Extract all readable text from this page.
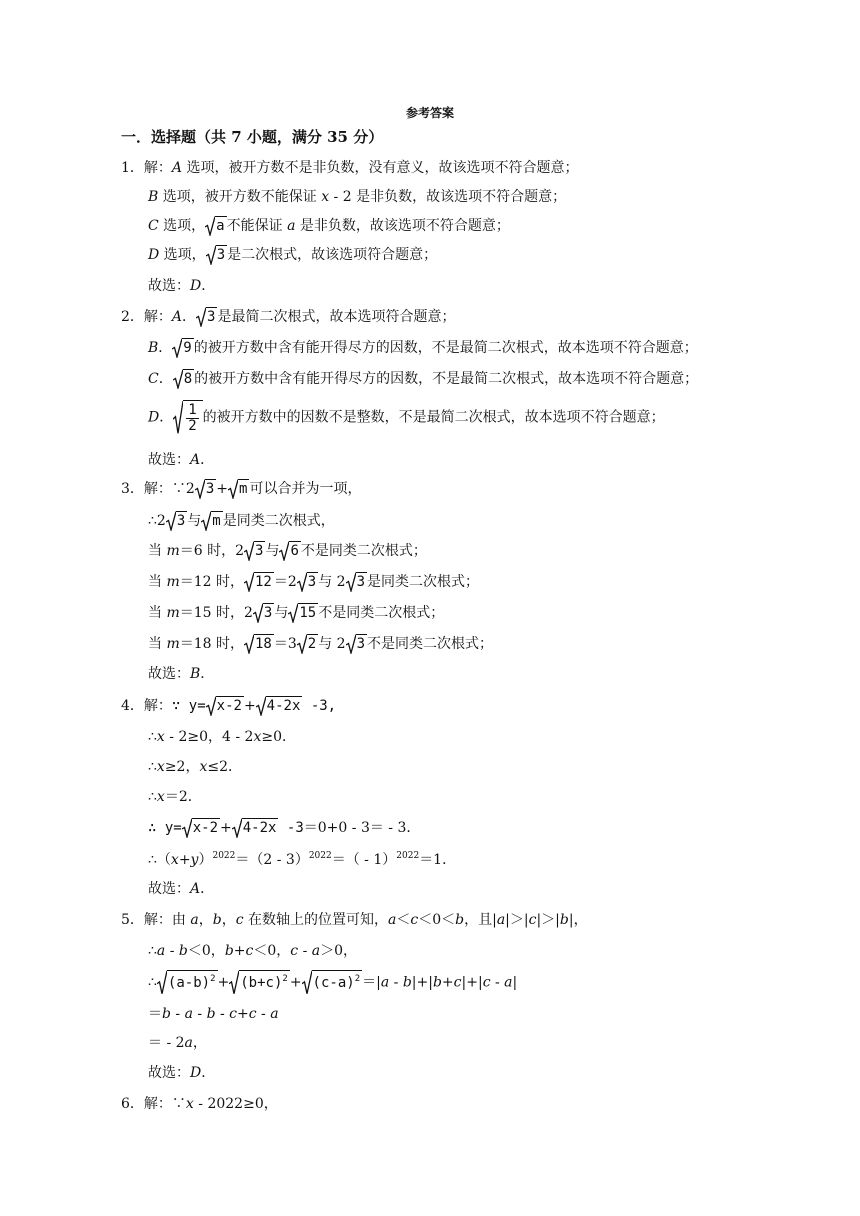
参考答案
一．选择题（共 7 小题，满分 35 分）
1．解：A 选项，被开方数不是非负数，没有意义，故该选项不符合题意；
B 选项，被开方数不能保证 x - 2 是非负数，故该选项不符合题意；
C 选项， a 不能保证 a 是非负数，故该选项不符合题意；
D 选项， 3 是二次根式，故该选项符合题意；
故选：D．
2．解：A． 3 是最简二次根式，故本选项符合题意；
B． 9 的被开方数中含有能开得尽方的因数，不是最简二次根式，故本选项不符合题意；
C． 8 的被开方数中含有能开得尽方的因数，不是最简二次根式，故本选项不符合题意；
D． $\frac{1}{2}$ 的被开方数中的因数不是整数，不是最简二次根式，故本选项不符合题意；
故选：A．
3．解：∵2 3 + m 可以合并为一项，
∴2 3 与 m 是同类二次根式，
当 m＝6 时，2 3 与 6 不是同类二次根式；
当 m＝12 时， 12 ＝2 3 与 2 3 是同类二次根式；
当 m＝15 时，2 3 与 15 不是同类二次根式；
当 m＝18 时， 18 ＝3 2 与 2 3 不是同类二次根式；
故选：B．
4．解：∵ y= x-2 + 4-2x -3,
∴x - 2≥0，4 - 2x≥0．
∴x≥2，x≤2．
∴x＝2．
∴ y= x-2 + 4-2x -3＝0+0 - 3＝ - 3．
$\therefore(x+y)^{2022}=(2 - 3)^{2022}=( - 1)^{2022}=1$．
故选：A．
5．解：由 a，b，c 在数轴上的位置可知，a＜c＜0＜b，且|a|＞|c|＞|b|，
∴a - b＜0，b+c＜0，c - a＞0，
∴ $(a-b)^2 + (b+c)^2 + (c-a)^2 =|a - b|+|b+c|+|c - a|$
＝b - a - b - c+c - a
＝ - 2a，
故选：D．
6．解：∵x - 2022≥0，
